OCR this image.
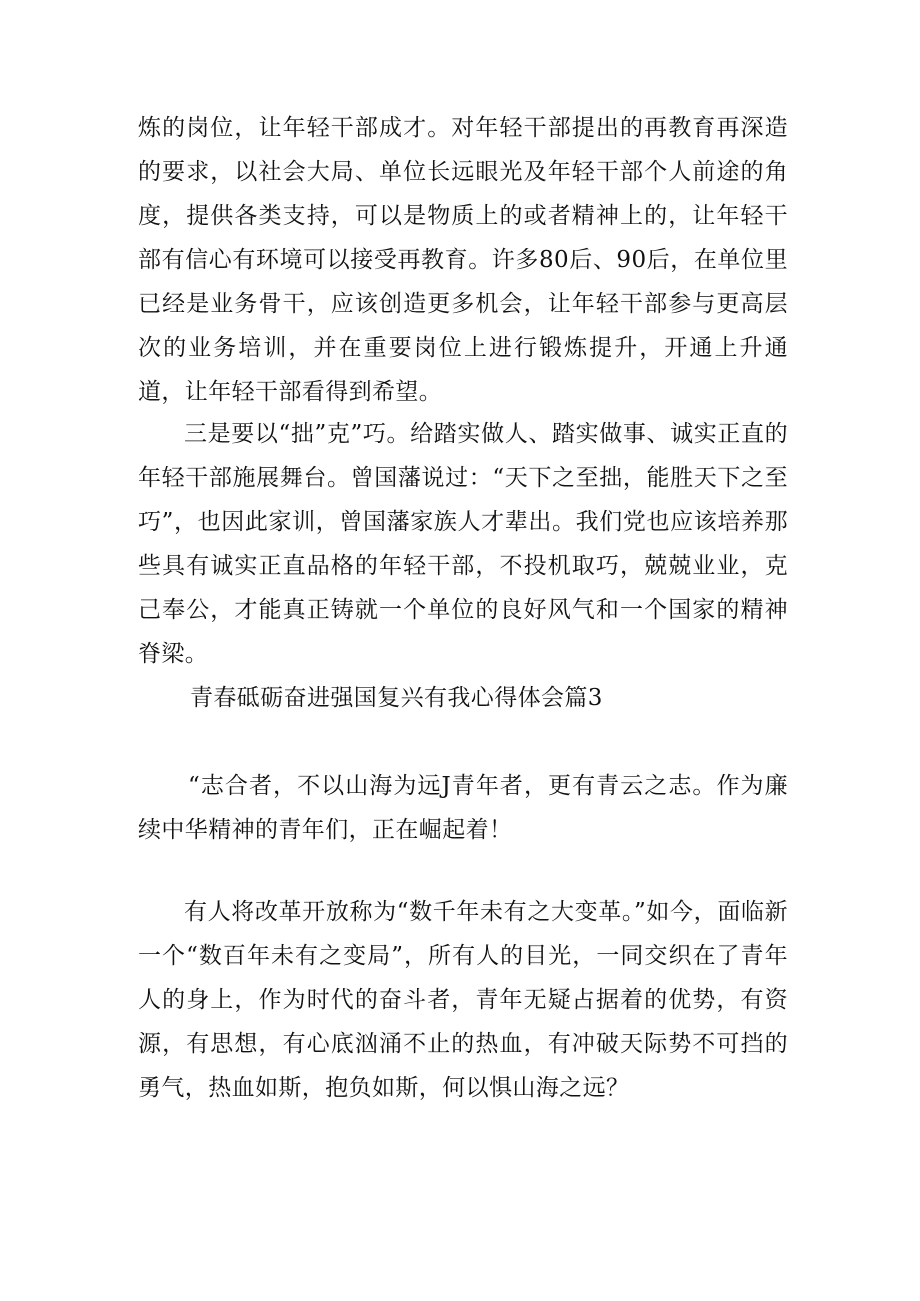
炼的岗位，让年轻干部成才。对年轻干部提出的再教育再深造的要求，以社会大局、单位长远眼光及年轻干部个人前途的角度，提供各类支持，可以是物质上的或者精神上的，让年轻干部有信心有环境可以接受再教育。许多80后、90后，在单位里已经是业务骨干，应该创造更多机会，让年轻干部参与更高层次的业务培训，并在重要岗位上进行锻炼提升，开通上升通道，让年轻干部看得到希望。

三是要以“拙”克”巧。给踏实做人、踏实做事、诚实正直的年轻干部施展舞台。曾国藩说过：“天下之至拙，能胜天下之至巧”，也因此家训，曾国藩家族人才辈出。我们党也应该培养那些具有诚实正直品格的年轻干部，不投机取巧，兢兢业业，克己奉公，才能真正铸就一个单位的良好风气和一个国家的精神脊梁。

青春砥砺奋进强国复兴有我心得体会篇3

“志合者，不以山海为远J青年者，更有青云之志。作为廉续中华精神的青年们，正在崛起着！

有人将改革开放称为“数千年未有之大变革。”如今，面临新一个“数百年未有之变局”，所有人的目光，一同交织在了青年人的身上，作为时代的奋斗者，青年无疑占据着的优势，有资源，有思想，有心底汹涌不止的热血，有冲破天际势不可挡的勇气，热血如斯，抱负如斯，何以惧山海之远？
